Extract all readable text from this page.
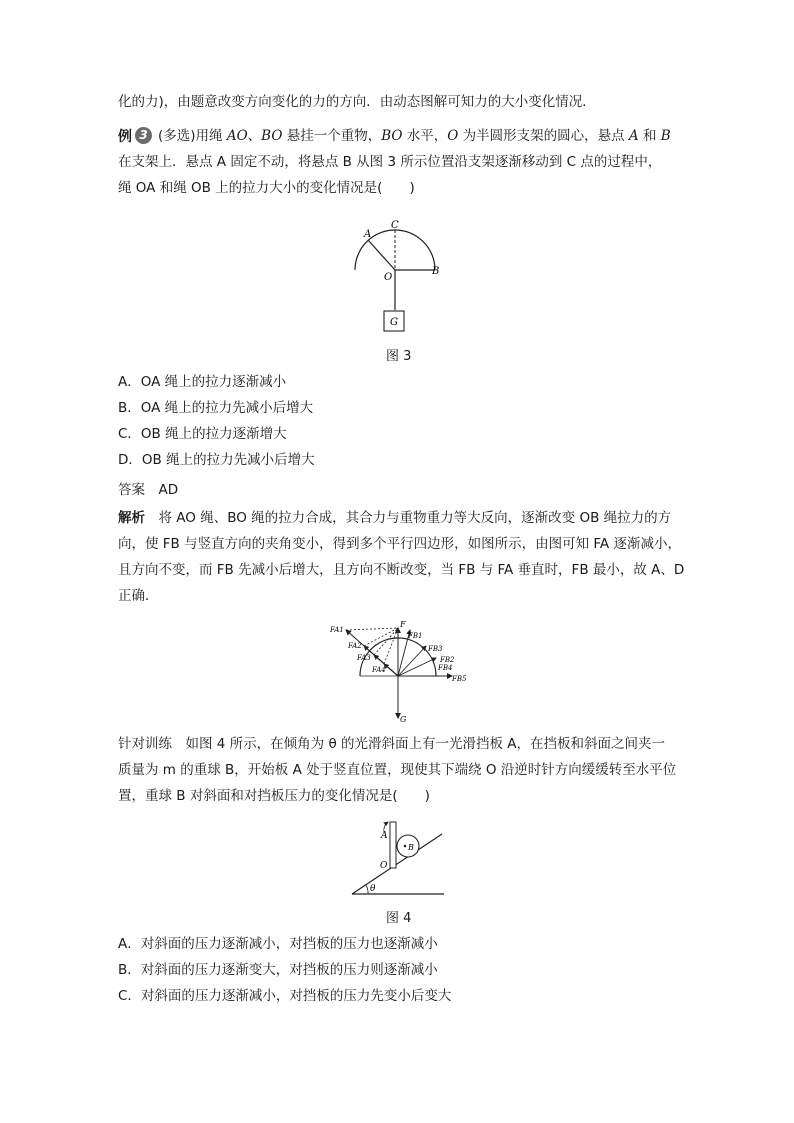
化的力)，由题意改变方向变化的力的方向．由动态图解可知力的大小变化情况．
例 3 (多选)用绳 AO、BO 悬挂一个重物，BO 水平，O 为半圆形支架的圆心，悬点 A 和 B
在支架上．悬点 A 固定不动，将悬点 B 从图 3 所示位置沿支架逐渐移动到 C 点的过程中，
绳 OA 和绳 OB 上的拉力大小的变化情况是(　　)
G
A
C
O
B
图 3
A．OA 绳上的拉力逐渐减小
B．OA 绳上的拉力先减小后增大
C．OB 绳上的拉力逐渐增大
D．OB 绳上的拉力先减小后增大
答案　 AD
解析　 将 AO 绳、BO 绳的拉力合成，其合力与重物重力等大反向，逐渐改变 OB 绳拉力的方
向，使 FB 与竖直方向的夹角变小，得到多个平行四边形，如图所示，由图可知 FA 逐渐减小，
且方向不变，而 FB 先减小后增大，且方向不断改变，当 FB 与 FA 垂直时，FB 最小，故 A、D
正确．
FA1
FA2
FA3
FA4
FB1
FB2
FB3
FB4
FB5
F
G
针对训练　 如图 4 所示，在倾角为 θ 的光滑斜面上有一光滑挡板 A，在挡板和斜面之间夹一
质量为 m 的重球 B，开始板 A 处于竖直位置，现使其下端绕 O 沿逆时针方向缓缓转至水平位
置，重球 B 对斜面和对挡板压力的变化情况是(　　)
θ
B
A
O
图 4
A．对斜面的压力逐渐减小，对挡板的压力也逐渐减小
B．对斜面的压力逐渐变大，对挡板的压力则逐渐减小
C．对斜面的压力逐渐减小，对挡板的压力先变小后变大
